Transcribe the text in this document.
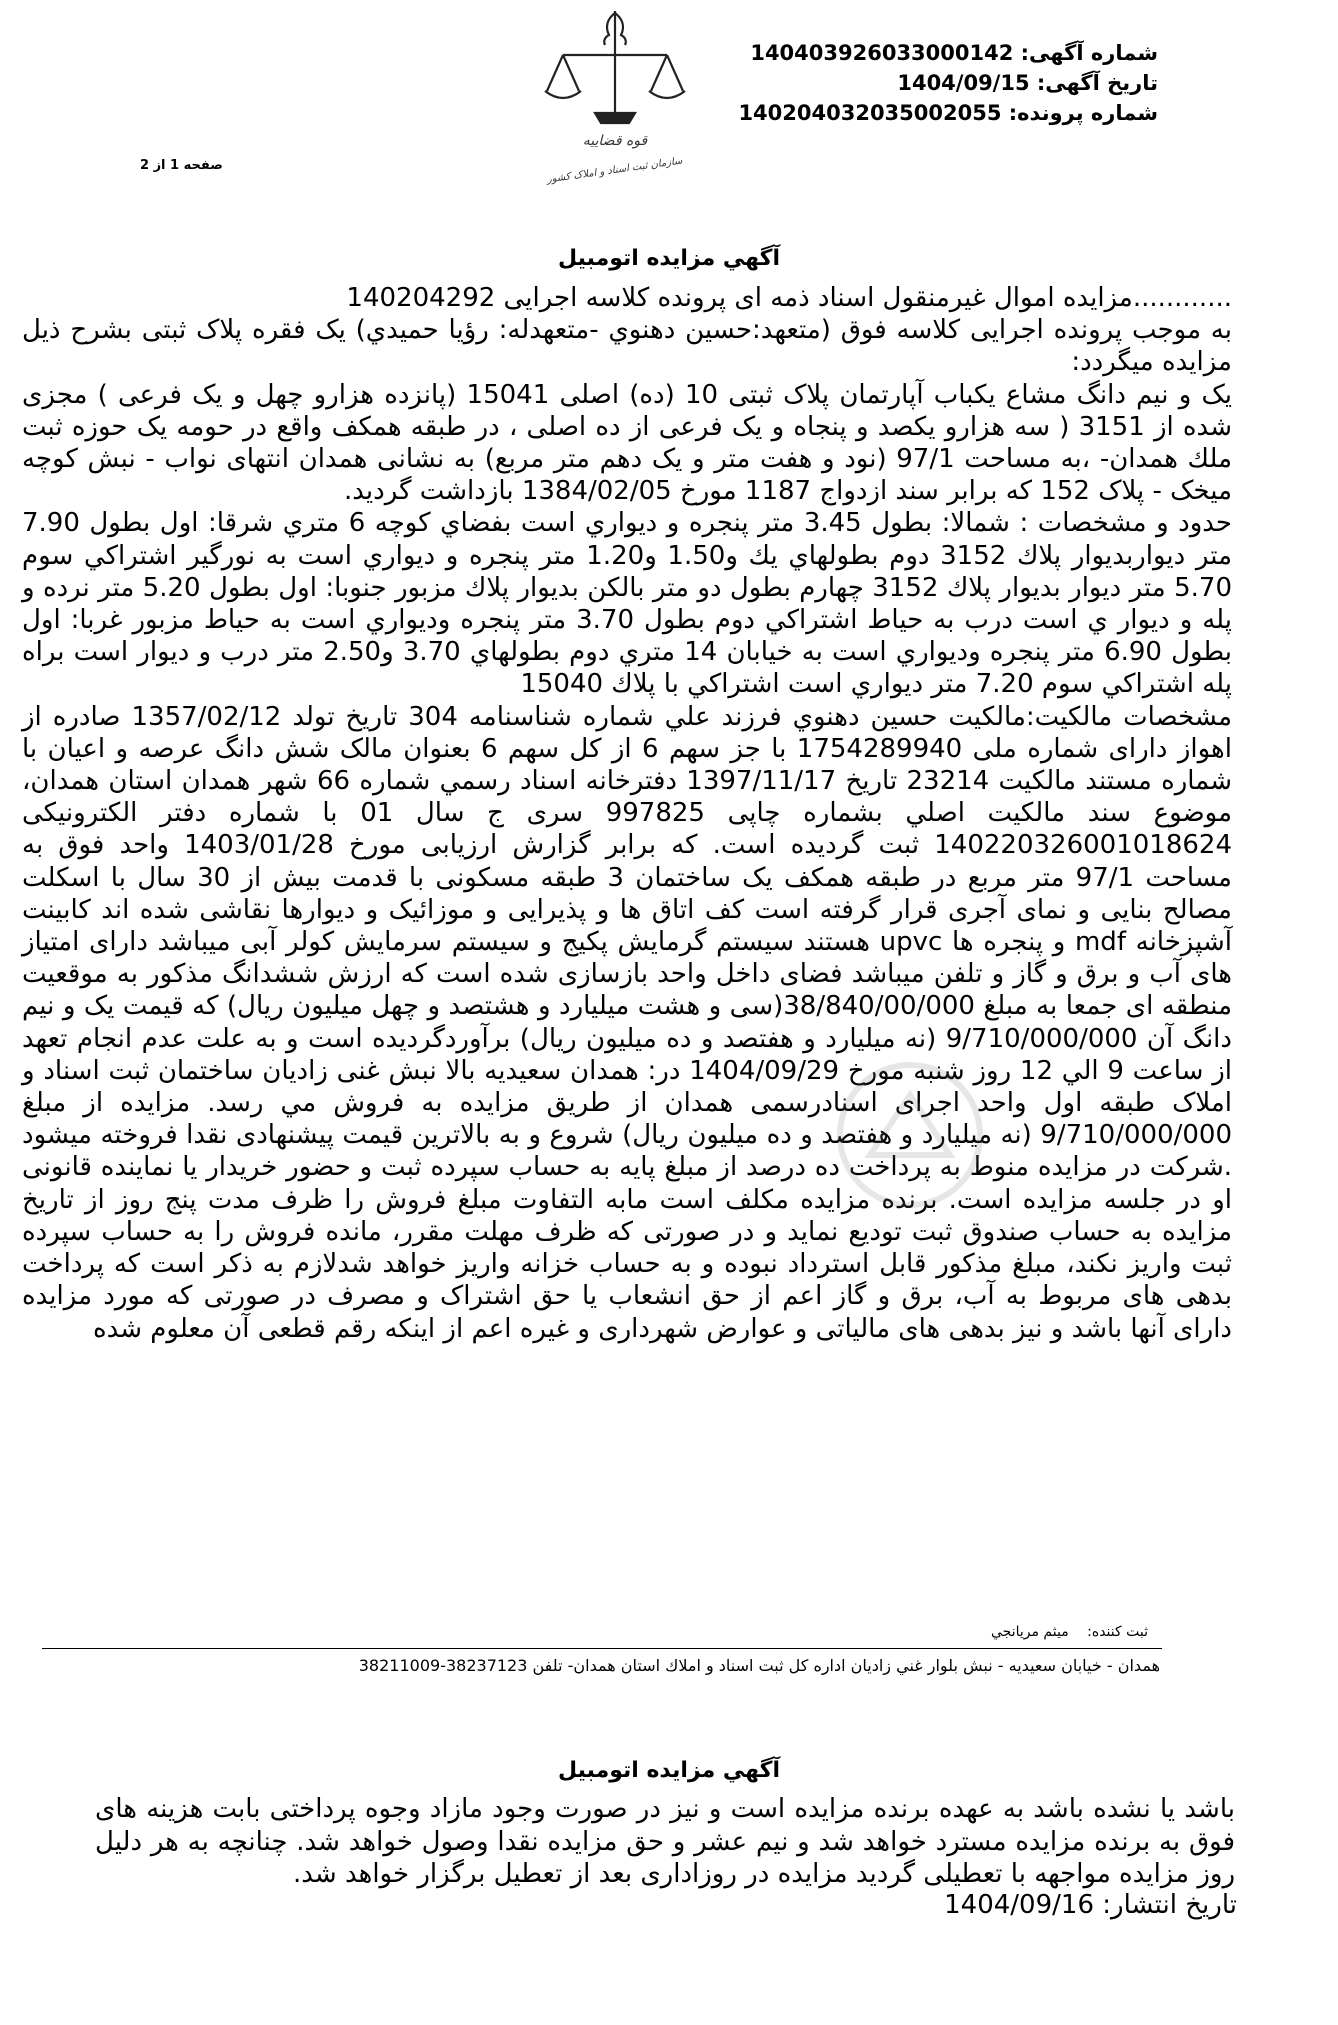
قوه قضاییه
سازمان ثبت اسناد و املاک کشور
شماره آگهی: 14040392603300014‪2‬
تاریخ آگهی: 1404/09/15
شماره پرونده: 140204032035002055
صفحه 1 از 2
آگهي مزايده اتومبيل

............مزایده اموال غیرمنقول اسناد ذمه ای پرونده کلاسه اجرایی 140204292

به موجب پرونده اجرایی کلاسه فوق (متعهد:حسين دهنوي -متعهدله: رؤيا حميدي) یک فقره پلاک ثبتی بشرح ذیل مزایده میگردد:

یک و نیم دانگ مشاع یکباب آپارتمان پلاک ثبتی 10 (ده) اصلی 15041 (پانزده هزارو چهل و یک فرعی ) مجزی شده از 3151 ( سه هزارو یکصد و پنجاه و یک فرعی از ده اصلی ، در طبقه همکف واقع در حومه یک حوزه ثبت ملك همدان- ،به مساحت 97/1 (نود و هفت متر و یک دهم متر مربع) به نشانی همدان انتهای نواب - نبش کوچه میخک - پلاک 152 که برابر سند ازدواج 1187 مورخ 1384/02/05 بازداشت گردید.

حدود و مشخصات : شمالا: بطول 3.45 متر پنجره و ديواري است بفضاي كوچه 6 متري شرقا: اول بطول 7.90 متر ديواربديوار پلاك 3152 دوم بطولهاي يك و1.50 و1.20 متر پنجره و ديواري است به نورگير اشتراكي سوم 5.70 متر ديوار بديوار پلاك 3152 چهارم بطول دو متر بالكن بديوار پلاك مزبور جنوبا: اول بطول 5.20 متر نرده و پله و ديوار ي است درب به حياط اشتراكي دوم بطول 3.70 متر پنجره وديواري است به حياط مزبور غربا: اول بطول 6.90 متر پنجره وديواري است به خيابان 14 متري دوم بطولهاي 3.70 و2.50 متر درب و ديوار است براه پله اشتراكي سوم 7.20 متر ديواري است اشتراكي با پلاك 15040

مشخصات مالکیت:مالكيت حسين دهنوي فرزند علي شماره شناسنامه 304 تاريخ تولد 1357/02/12 صادره از اهواز دارای شماره ملی 1754289940 با جز سهم 6 از كل سهم 6 بعنوان مالک شش دانگ عرصه و اعیان با شماره مستند مالكيت 23214 تاريخ 1397/11/17 دفترخانه اسناد رسمي شماره 66 شهر همدان استان همدان، موضوع سند مالكيت اصلي بشماره چاپی 997825 سری ج سال 01 با شماره دفتر الکترونیکی 140220326001018624 ثبت گردیده است. که برابر گزارش ارزیابی مورخ 1403/01/28 واحد فوق به مساحت 97/1 متر مربع در طبقه همکف یک ساختمان 3 طبقه مسکونی با قدمت بیش از 30 سال با اسکلت مصالح بنایی و نمای آجری قرار گرفته است کف اتاق ها و پذیرایی و موزائیک و دیوارها نقاشی شده اند کابینت آشپزخانه mdf و پنجره ها upvc هستند سیستم گرمایش پکیج و سیستم سرمایش کولر آبی میباشد دارای امتیاز های آب و برق و گاز و تلفن میباشد فضای داخل واحد بازسازی شده است که ارزش ششدانگ مذکور به موقعیت منطقه ای جمعا به مبلغ 38/840/00/000(سی و هشت میلیارد و هشتصد و چهل میلیون ریال) که قیمت یک و نیم دانگ آن 9/710/000/000 (نه میلیارد و هفتصد و ده میلیون ریال) برآوردگردیده است و به علت عدم انجام تعهد از ساعت 9 الي 12 روز شنبه مورخ 1404/09/29 در: همدان سعیدیه بالا نبش غنی زادیان ساختمان ثبت اسناد و املاک طبقه اول واحد اجرای اسنادرسمی همدان از طريق مزايده به فروش مي رسد. مزایده از مبلغ 9/710/000/000 (نه میلیارد و هفتصد و ده میلیون ریال) شروع و به بالاترین قیمت پیشنهادی نقدا فروخته میشود .شرکت در مزایده منوط به پرداخت ده درصد از مبلغ پایه به حساب سپرده ثبت و حضور خریدار یا نماینده قانونی او در جلسه مزایده است. برنده مزایده مکلف است مابه التفاوت مبلغ فروش را ظرف مدت پنج روز از تاریخ مزایده به حساب صندوق ثبت تودیع نماید و در صورتی که ظرف مهلت مقرر، مانده فروش را به حساب سپرده ثبت واریز نکند، مبلغ مذکور قابل استرداد نبوده و به حساب خزانه واریز خواهد شدلازم به ذکر است که پرداخت بدهی های مربوط به آب، برق و گاز اعم از حق انشعاب یا حق اشتراک و مصرف در صورتی که مورد مزایده دارای آنها باشد و نیز بدهی های مالیاتی و عوارض شهرداری و غیره اعم از اینکه رقم قطعی آن معلوم شده

ثبت كننده: ميثم مريانجي
همدان - خيابان سعيديه - نبش بلوار غني زاديان اداره كل ثبت اسناد و املاك استان همدان- تلفن 38237123-38211009
آگهي مزايده اتومبيل

باشد یا نشده باشد به عهده برنده مزایده است و نیز در صورت وجود مازاد وجوه پرداختی بابت هزینه های فوق به برنده مزایده مسترد خواهد شد و نیم عشر و حق مزایده نقدا وصول خواهد شد. چنانچه به هر دلیل روز مزایده مواجهه با تعطیلی گردید مزایده در روزاداری بعد از تعطیل برگزار خواهد شد.

تاریخ انتشار: 1404/09/16
